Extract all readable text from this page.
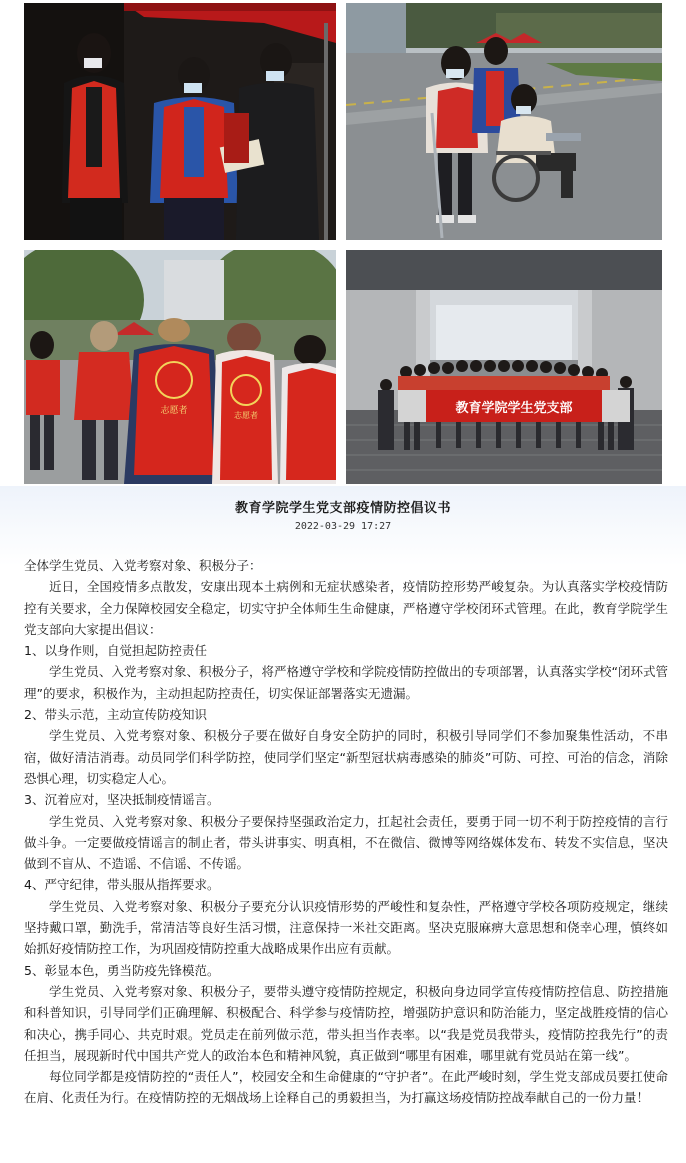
志愿者	志愿者	教育学院学生党支部
教育学院学生党支部疫情防控倡议书
2022-03-29 17:27

全体学生党员、入党考察对象、积极分子：

近日，全国疫情多点散发，安康出现本土病例和无症状感染者，疫情防控形势严峻复杂。为认真落实学校疫情防控有关要求，全力保障校园安全稳定，切实守护全体师生生命健康，严格遵守学校闭环式管理。在此，教育学院学生党支部向大家提出倡议：

1、以身作则，自觉担起防控责任

学生党员、入党考察对象、积极分子，将严格遵守学校和学院疫情防控做出的专项部署，认真落实学校“闭环式管理”的要求，积极作为，主动担起防控责任，切实保证部署落实无遗漏。

2、带头示范，主动宣传防疫知识

学生党员、入党考察对象、积极分子要在做好自身安全防护的同时，积极引导同学们不参加聚集性活动，不串宿，做好清洁消毒。动员同学们科学防控，使同学们坚定“新型冠状病毒感染的肺炎”可防、可控、可治的信念，消除恐惧心理，切实稳定人心。

3、沉着应对，坚决抵制疫情谣言。

学生党员、入党考察对象、积极分子要保持坚强政治定力，扛起社会责任，要勇于同一切不利于防控疫情的言行做斗争。一定要做疫情谣言的制止者，带头讲事实、明真相，不在微信、微博等网络媒体发布、转发不实信息，坚决做到不盲从、不造谣、不信谣、不传谣。

4、严守纪律，带头服从指挥要求。

学生党员、入党考察对象、积极分子要充分认识疫情形势的严峻性和复杂性，严格遵守学校各项防疫规定，继续坚持戴口罩，勤洗手，常清洁等良好生活习惯，注意保持一米社交距离。坚决克服麻痹大意思想和侥幸心理，慎终如始抓好疫情防控工作，为巩固疫情防控重大战略成果作出应有贡献。

5、彰显本色，勇当防疫先锋模范。

学生党员、入党考察对象、积极分子，要带头遵守疫情防控规定，积极向身边同学宣传疫情防控信息、防控措施和科普知识，引导同学们正确理解、积极配合、科学参与疫情防控，增强防护意识和防治能力，坚定战胜疫情的信心和决心，携手同心、共克时艰。党员走在前列做示范，带头担当作表率。以“我是党员我带头，疫情防控我先行”的责任担当，展现新时代中国共产党人的政治本色和精神风貌，真正做到“哪里有困难，哪里就有党员站在第一线”。

每位同学都是疫情防控的“责任人”，校园安全和生命健康的“守护者”。在此严峻时刻，学生党支部成员要扛使命在肩、化责任为行。在疫情防控的无烟战场上诠释自己的勇毅担当，为打赢这场疫情防控战奉献自己的一份力量！
